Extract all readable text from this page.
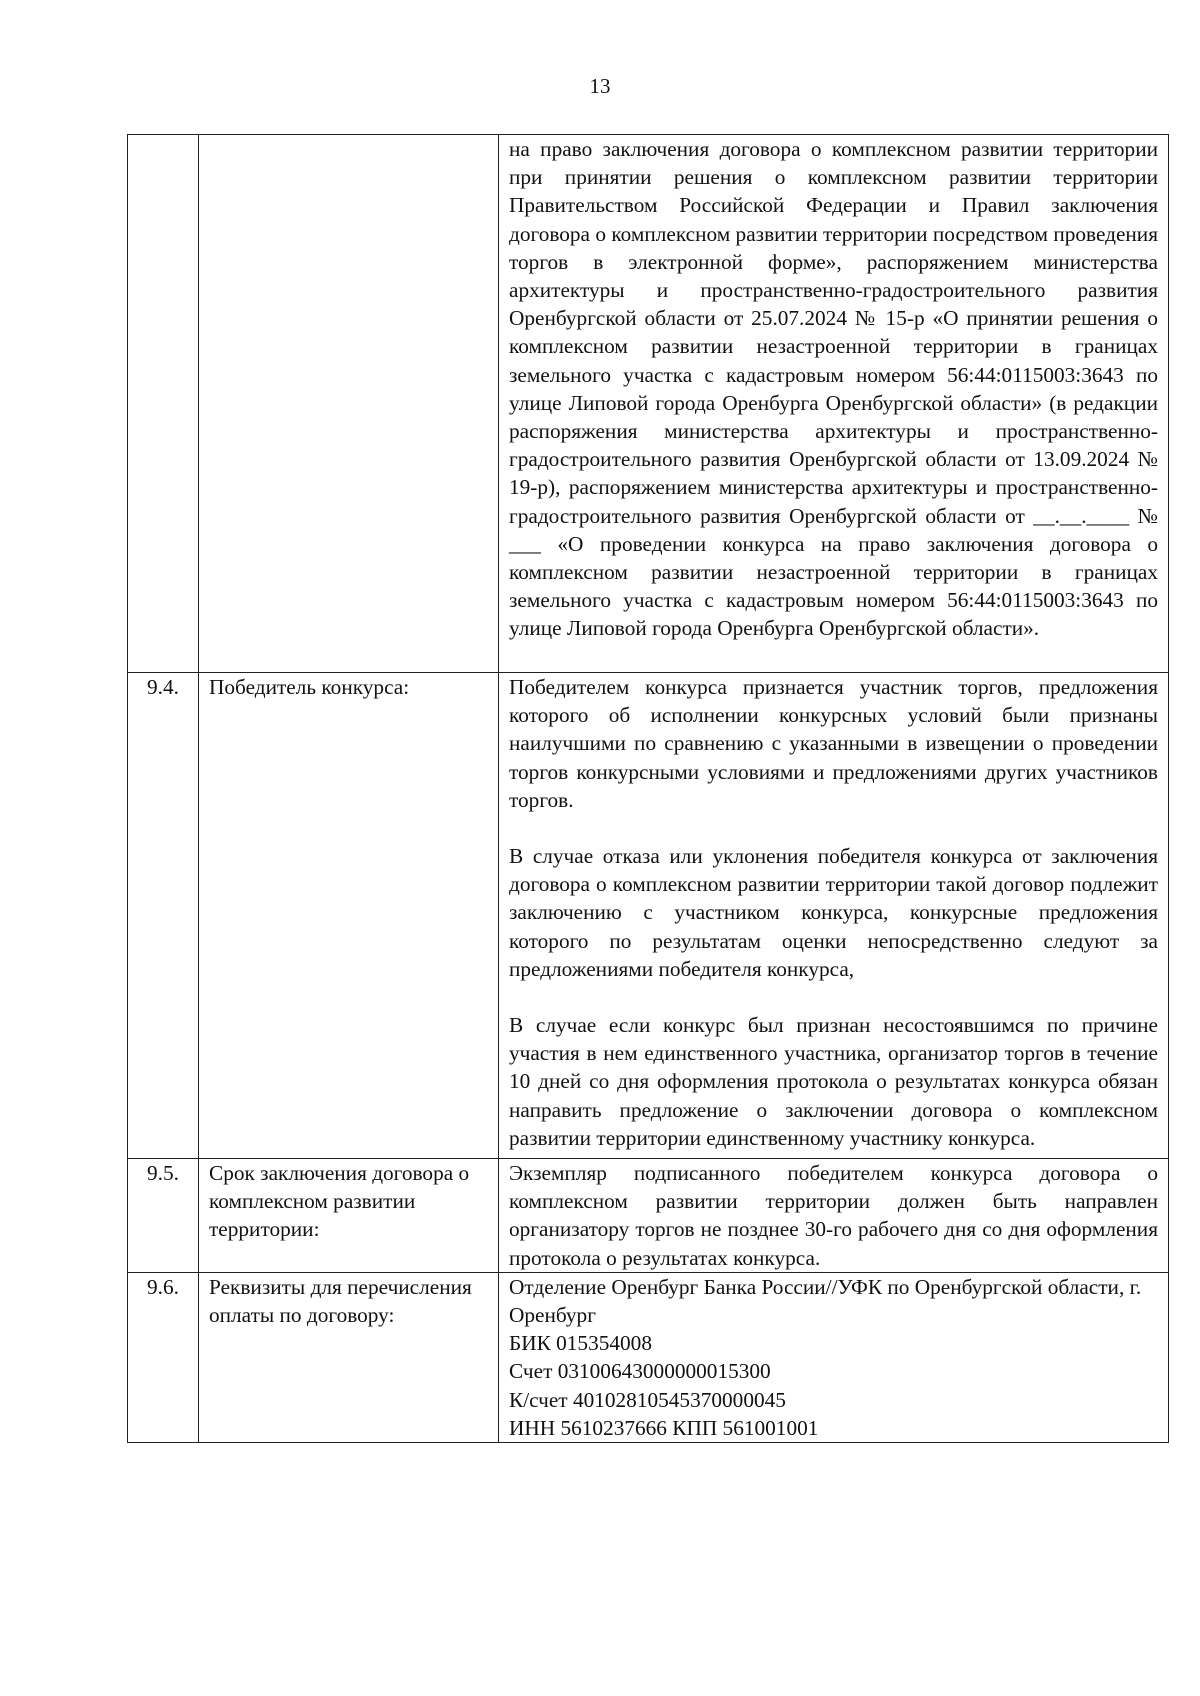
13

		на право заключения договора о комплексном развитии территории при принятии решения о комплексном развитии территории Правительством Российской Федерации и Правил заключения договора о комплексном развитии территории посредством проведения торгов в электронной форме», распоряжением министерства архитектуры и пространственно-градостроительного развития Оренбургской области от 25.07.2024 № 15-р «О принятии решения о комплексном развитии незастроенной территории в границах земельного участка с кадастровым номером 56:44:0115003:3643 по улице Липовой города Оренбурга Оренбургской области» (в редакции распоряжения министерства архитектуры и пространственно-градостроительного развития Оренбургской области от 13.09.2024 № 19-р), распоряжением министерства архитектуры и пространственно-градостроительного развития Оренбургской области от __.__.____ № ___ «О проведении конкурса на право заключения договора о комплексном развитии незастроенной территории в границах земельного участка с кадастровым номером 56:44:0115003:3643 по улице Липовой города Оренбурга Оренбургской области».

9.4.	Победитель конкурса:	Победителем конкурса признается участник торгов, предложения которого об исполнении конкурсных условий были признаны наилучшими по сравнению с указанными в извещении о проведении торгов конкурсными условиями и предложениями других участников торгов.

В случае отказа или уклонения победителя конкурса от заключения договора о комплексном развитии территории такой договор подлежит заключению с участником конкурса, конкурсные предложения которого по результатам оценки непосредственно следуют за предложениями победителя конкурса,

В случае если конкурс был признан несостоявшимся по причине участия в нем единственного участника, организатор торгов в течение 10 дней со дня оформления протокола о результатах конкурса обязан направить предложение о заключении договора о комплексном развитии территории единственному участнику конкурса.

9.5.	Срок заключения договора о комплексном развитии территории:	Экземпляр подписанного победителем конкурса договора о комплексном развитии территории должен быть направлен организатору торгов не позднее 30-го рабочего дня со дня оформления протокола о результатах конкурса.

9.6.	Реквизиты для перечисления оплаты по договору:	Отделение Оренбург Банка России//УФК по Оренбургской области, г. Оренбург
БИК 015354008
Счет 03100643000000015300
К/счет 40102810545370000045
ИНН 5610237666 КПП 561001001
